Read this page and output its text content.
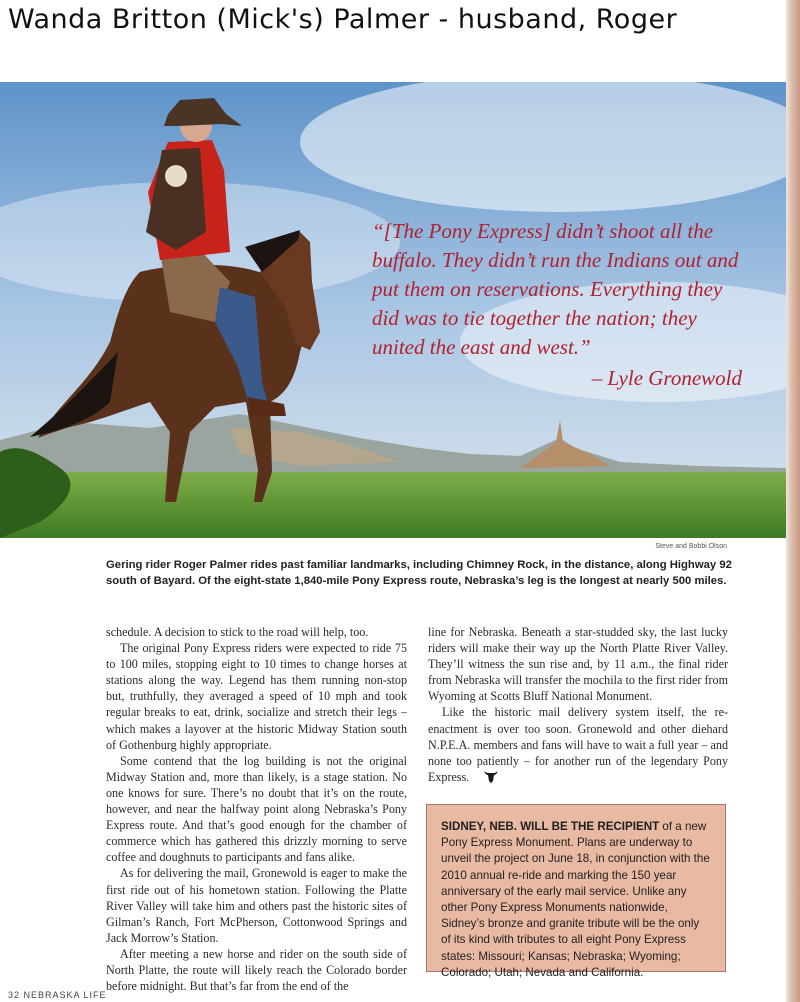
Wanda Britton (Mick's) Palmer - husband, Roger
“[The Pony Express] didn’t shoot all the buffalo. They didn’t run the Indians out and put them on reservations. Everything they did was to tie together the nation; they united the east and west.”
– Lyle Gronewold
Steve and Bobbi Olson
Gering rider Roger Palmer rides past familiar landmarks, including Chimney Rock, in the distance, along Highway 92 south of Bayard. Of the eight-state 1,840-mile Pony Express route, Nebraska’s leg is the longest at nearly 500 miles.

schedule. A decision to stick to the road will help, too.

The original Pony Express riders were expected to ride 75 to 100 miles, stopping eight to 10 times to change horses at stations along the way. Legend has them running non-stop but, truthfully, they averaged a speed of 10 mph and took regular breaks to eat, drink, socialize and stretch their legs – which makes a layover at the historic Midway Station south of Gothenburg highly appropriate.

Some contend that the log building is not the original Midway Station and, more than likely, is a stage station. No one knows for sure. There’s no doubt that it’s on the route, however, and near the halfway point along Nebraska’s Pony Express route. And that’s good enough for the chamber of commerce which has gathered this drizzly morning to serve coffee and doughnuts to participants and fans alike.

As for delivering the mail, Gronewold is eager to make the first ride out of his hometown station. Following the Platte River Valley will take him and others past the historic sites of Gilman’s Ranch, Fort McPherson, Cottonwood Springs and Jack Morrow’s Station.

After meeting a new horse and rider on the south side of North Platte, the route will likely reach the Colorado border before midnight. But that’s far from the end of the

line for Nebraska. Beneath a star-studded sky, the last lucky riders will make their way up the North Platte River Valley. They’ll witness the sun rise and, by 11 a.m., the final rider from Nebraska will transfer the mochila to the first rider from Wyoming at Scotts Bluff National Monument.

Like the historic mail delivery system itself, the re-enactment is over too soon. Gronewold and other diehard N.P.E.A. members and fans will have to wait a full year – and none too patiently – for another run of the legendary Pony Express.

SIDNEY, NEB. WILL BE THE RECIPIENT of a new Pony Express Monument. Plans are underway to unveil the project on June 18, in conjunction with the 2010 annual re-ride and marking the 150 year anniversary of the early mail service. Unlike any other Pony Express Monuments nationwide, Sidney’s bronze and granite tribute will be the only of its kind with tributes to all eight Pony Express states: Missouri; Kansas; Nebraska; Wyoming; Colorado; Utah; Nevada and California.
32 NEBRASKA LIFE
